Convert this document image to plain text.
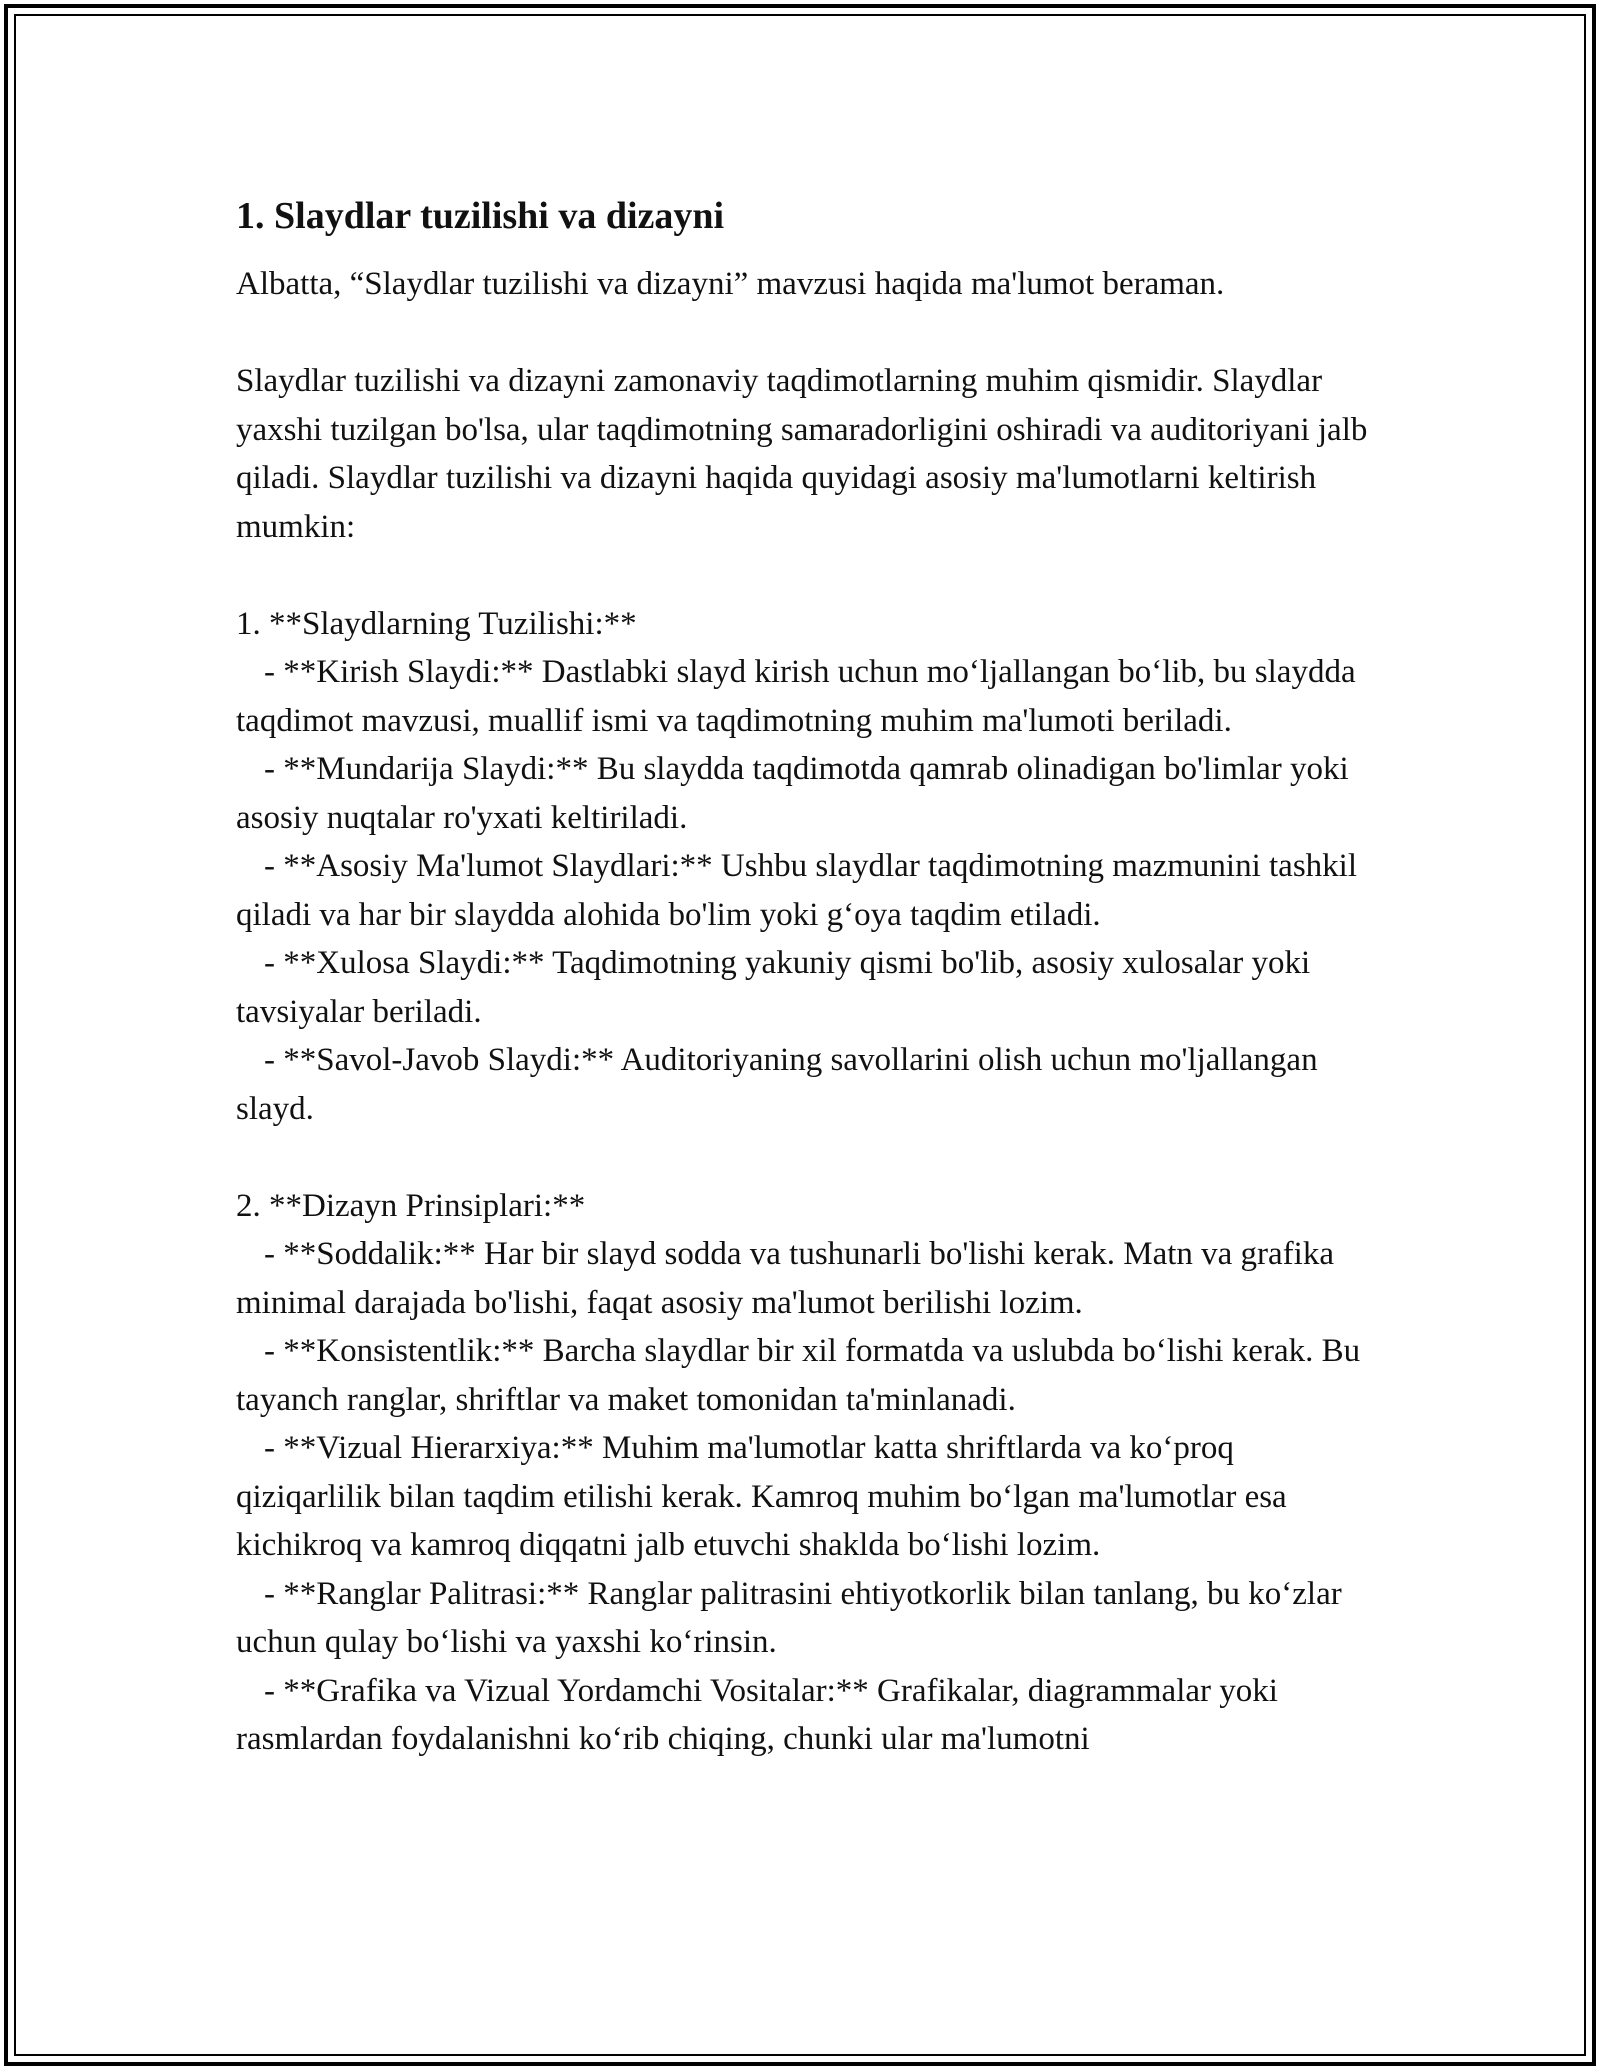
1. Slaydlar tuzilishi va dizayni

Albatta, “Slaydlar tuzilishi va dizayni” mavzusi haqida ma'lumot beraman.

Slaydlar tuzilishi va dizayni zamonaviy taqdimotlarning muhim qismidir. Slaydlar yaxshi tuzilgan bo'lsa, ular taqdimotning samaradorligini oshiradi va auditoriyani jalb qiladi. Slaydlar tuzilishi va dizayni haqida quyidagi asosiy ma'lumotlarni keltirish mumkin:

1. **Slaydlarning Tuzilishi:**

- **Kirish Slaydi:** Dastlabki slayd kirish uchun mo‘ljallangan bo‘lib, bu slaydda taqdimot mavzusi, muallif ismi va taqdimotning muhim ma'lumoti beriladi.

- **Mundarija Slaydi:** Bu slaydda taqdimotda qamrab olinadigan bo'limlar yoki asosiy nuqtalar ro'yxati keltiriladi.

- **Asosiy Ma'lumot Slaydlari:** Ushbu slaydlar taqdimotning mazmunini tashkil qiladi va har bir slaydda alohida bo'lim yoki g‘oya taqdim etiladi.

- **Xulosa Slaydi:** Taqdimotning yakuniy qismi bo'lib, asosiy xulosalar yoki tavsiyalar beriladi.

- **Savol-Javob Slaydi:** Auditoriyaning savollarini olish uchun mo'ljallangan slayd.

2. **Dizayn Prinsiplari:**

- **Soddalik:** Har bir slayd sodda va tushunarli bo'lishi kerak. Matn va grafika minimal darajada bo'lishi, faqat asosiy ma'lumot berilishi lozim.

- **Konsistentlik:** Barcha slaydlar bir xil formatda va uslubda bo‘lishi kerak. Bu tayanch ranglar, shriftlar va maket tomonidan ta'minlanadi.

- **Vizual Hierarxiya:** Muhim ma'lumotlar katta shriftlarda va ko‘proq qiziqarlilik bilan taqdim etilishi kerak. Kamroq muhim bo‘lgan ma'lumotlar esa kichikroq va kamroq diqqatni jalb etuvchi shaklda bo‘lishi lozim.

- **Ranglar Palitrasi:** Ranglar palitrasini ehtiyotkorlik bilan tanlang, bu ko‘zlar uchun qulay bo‘lishi va yaxshi ko‘rinsin.

- **Grafika va Vizual Yordamchi Vositalar:** Grafikalar, diagrammalar yoki rasmlardan foydalanishni ko‘rib chiqing, chunki ular ma'lumotni
